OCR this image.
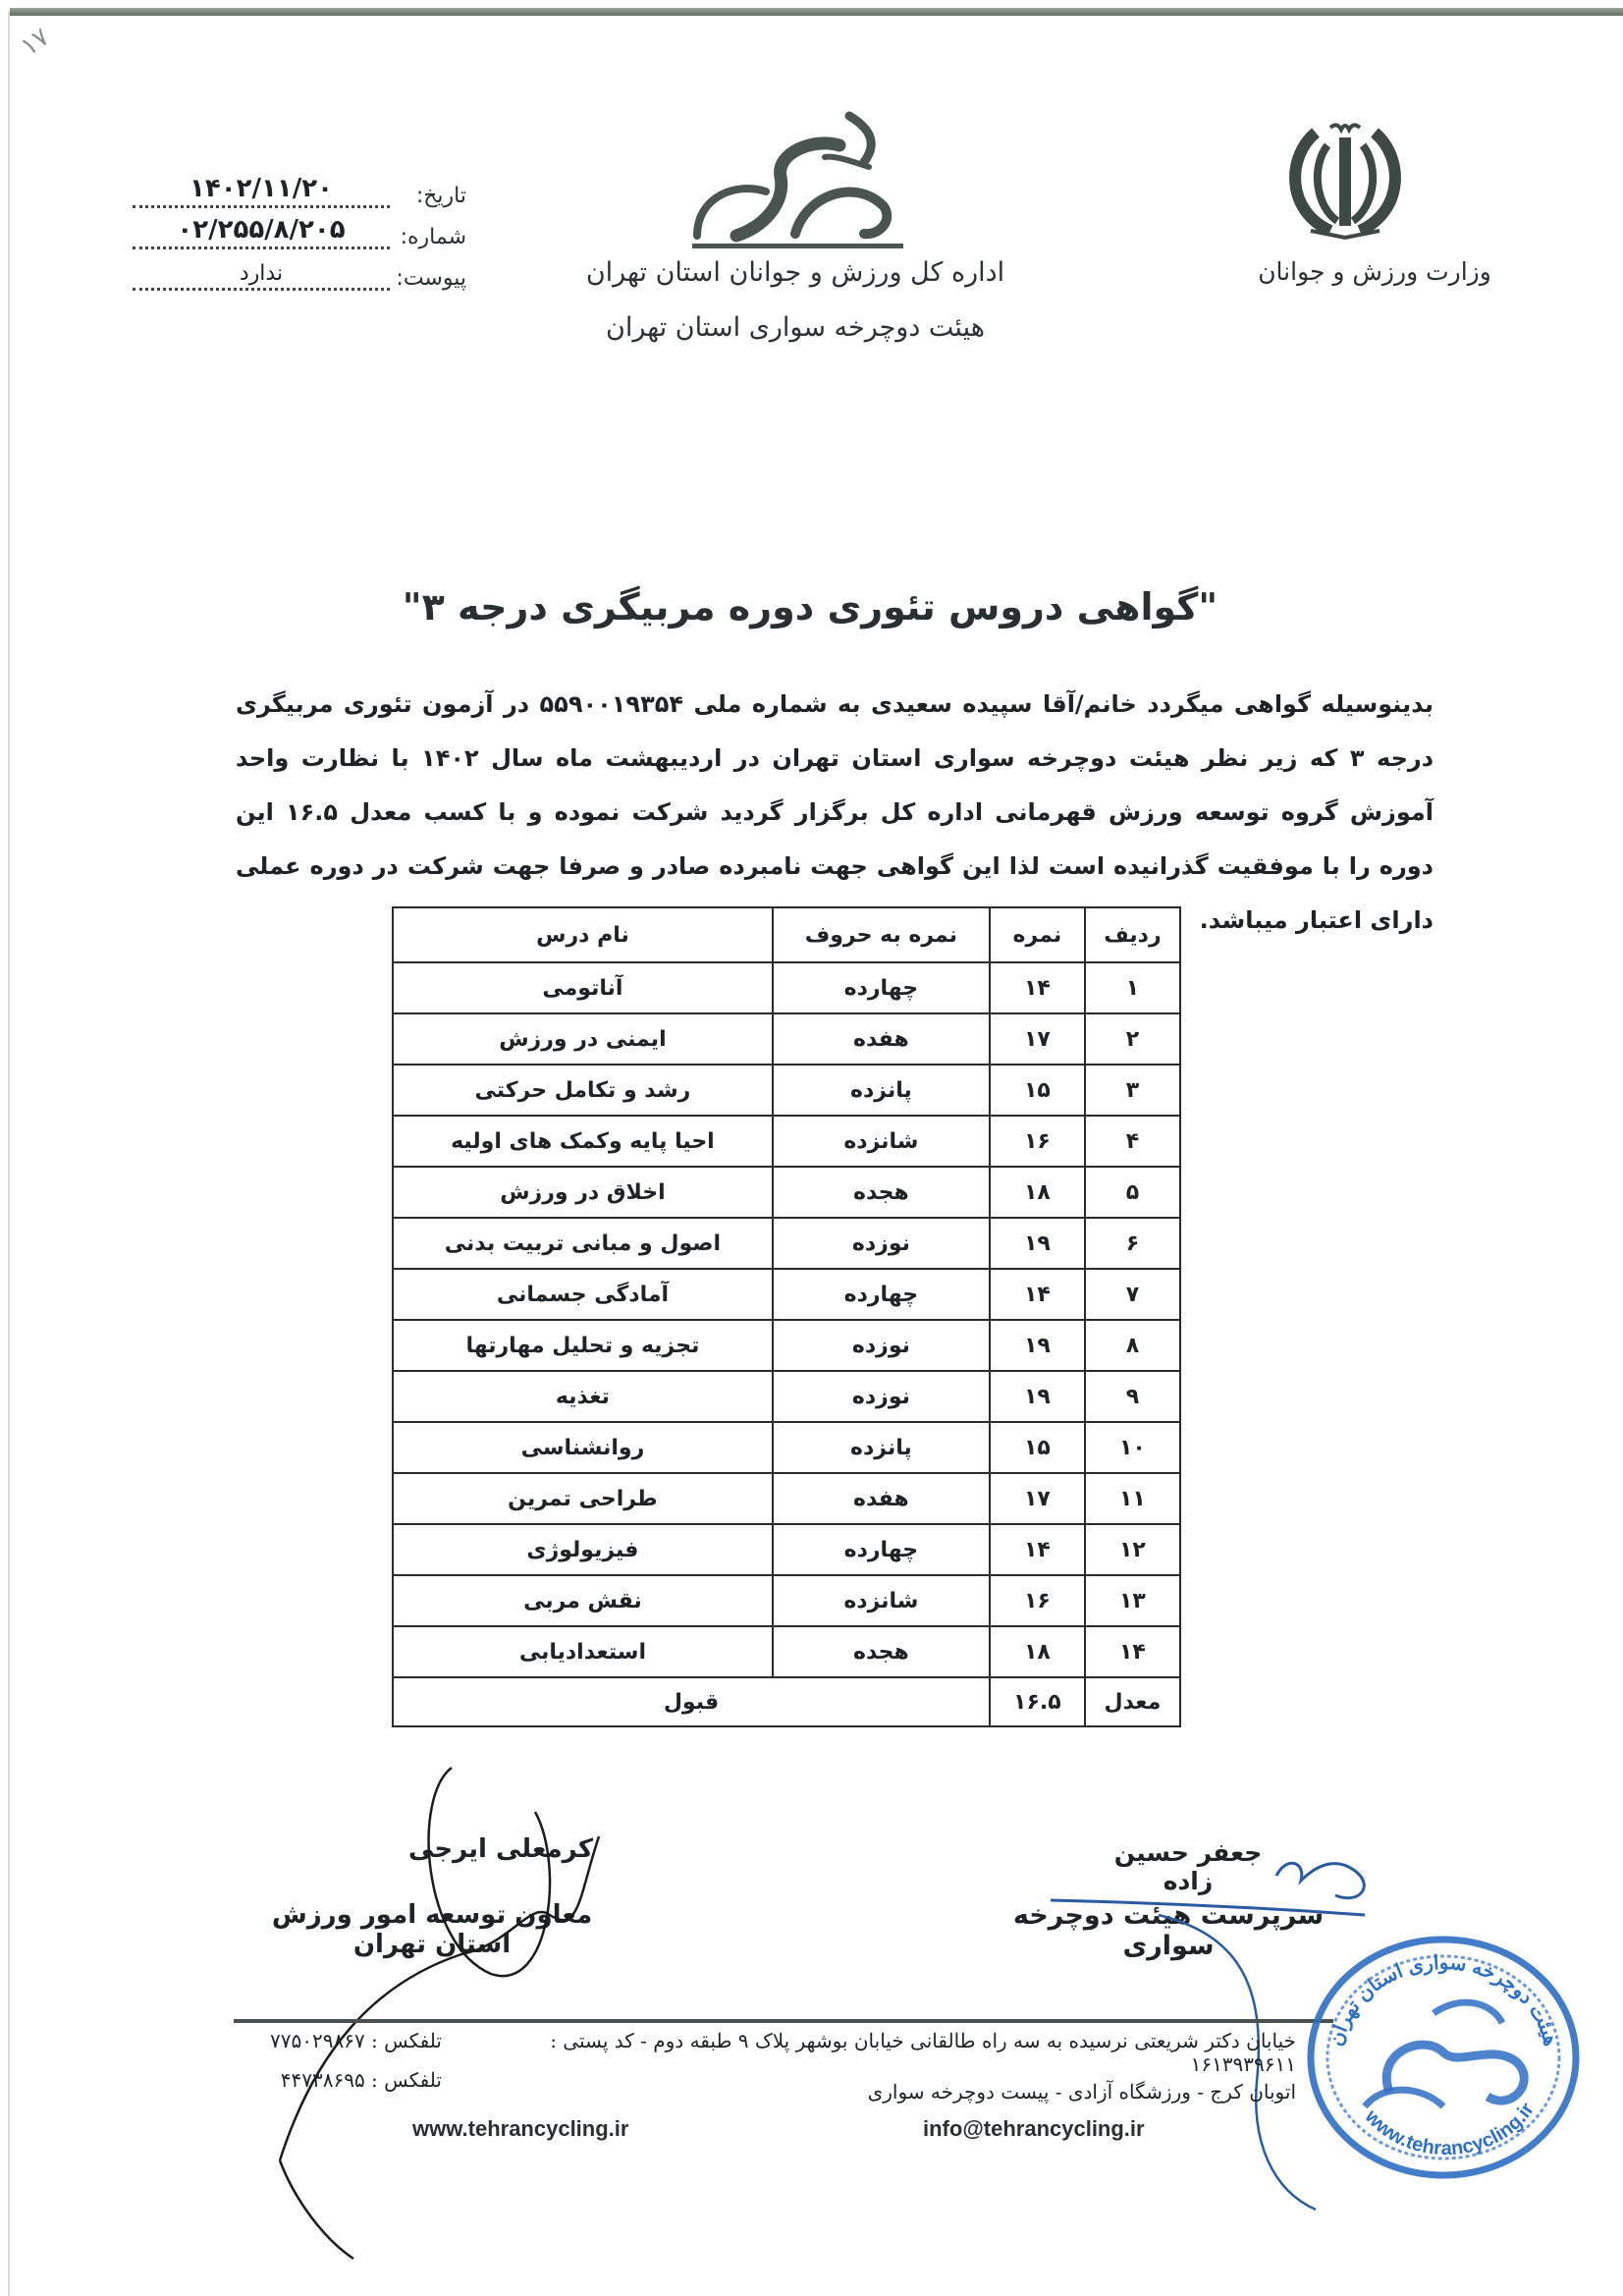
۱۷
تاریخ:
۱۴۰۲/۱۱/۲۰
شماره:
۰۲/۲۵۵/۸/۲۰۵
پیوست:
ندارد	اداره کل ورزش و جوانان استان تهران
هیئت دوچرخه سواری استان تهران
وزارت ورزش و جوانان
"گواهی دروس تئوری دوره مربیگری درجه ۳"
بدینوسیله گواهی میگردد خانم/آقا سپیده سعیدی به شماره ملی ۵۵۹۰۰۱۹۳۵۴ در آزمون تئوری مربیگری درجه ۳ که زیر نظر هیئت دوچرخه سواری استان تهران در اردیبهشت ماه سال ۱۴۰۲ با نظارت واحد آموزش گروه توسعه ورزش قهرمانی اداره کل برگزار گردید شرکت نموده و با کسب معدل ۱۶.۵ این دوره را با موفقیت گذرانیده است لذا این گواهی جهت نامبرده صادر و صرفا جهت شرکت در دوره عملی دارای اعتبار میباشد.
ردیف	نمره	نمره به حروف	نام درس
۱	۱۴	چهارده	آناتومی
۲	۱۷	هفده	ایمنی در ورزش
۳	۱۵	پانزده	رشد و تکامل حرکتی
۴	۱۶	شانزده	احیا پایه وکمک های اولیه
۵	۱۸	هجده	اخلاق در ورزش
۶	۱۹	نوزده	اصول و مبانی تربیت بدنی
۷	۱۴	چهارده	آمادگی جسمانی
۸	۱۹	نوزده	تجزیه و تحلیل مهارتها
۹	۱۹	نوزده	تغذیه
۱۰	۱۵	پانزده	روانشناسی
۱۱	۱۷	هفده	طراحی تمرین
۱۲	۱۴	چهارده	فیزیولوژی
۱۳	۱۶	شانزده	نقش مربی
۱۴	۱۸	هجده	استعدادیابی
معدل	۱۶.۵	قبول	
کرمعلی ایرجی
معاون توسعه امور ورزش استان تهران
جعفر حسین زاده
سرپرست هیئت دوچرخه سواری
خیابان دکتر شریعتی نرسیده به سه راه طالقانی خیابان بوشهر پلاک ۹ طبقه دوم - کد پستی : ۱۶۱۳۹۳۹۶۱۱
اتوبان کرج - ورزشگاه آزادی - پیست دوچرخه سواری
تلفکس : ۷۷۵۰۲۹۸۶۷
تلفکس : ۴۴۷۳۸۶۹۵
www.tehrancycling.ir	info@tehrancycling.ir
هیئت دوچرخه سواری استان تهران
www.tehrancycling.ir
